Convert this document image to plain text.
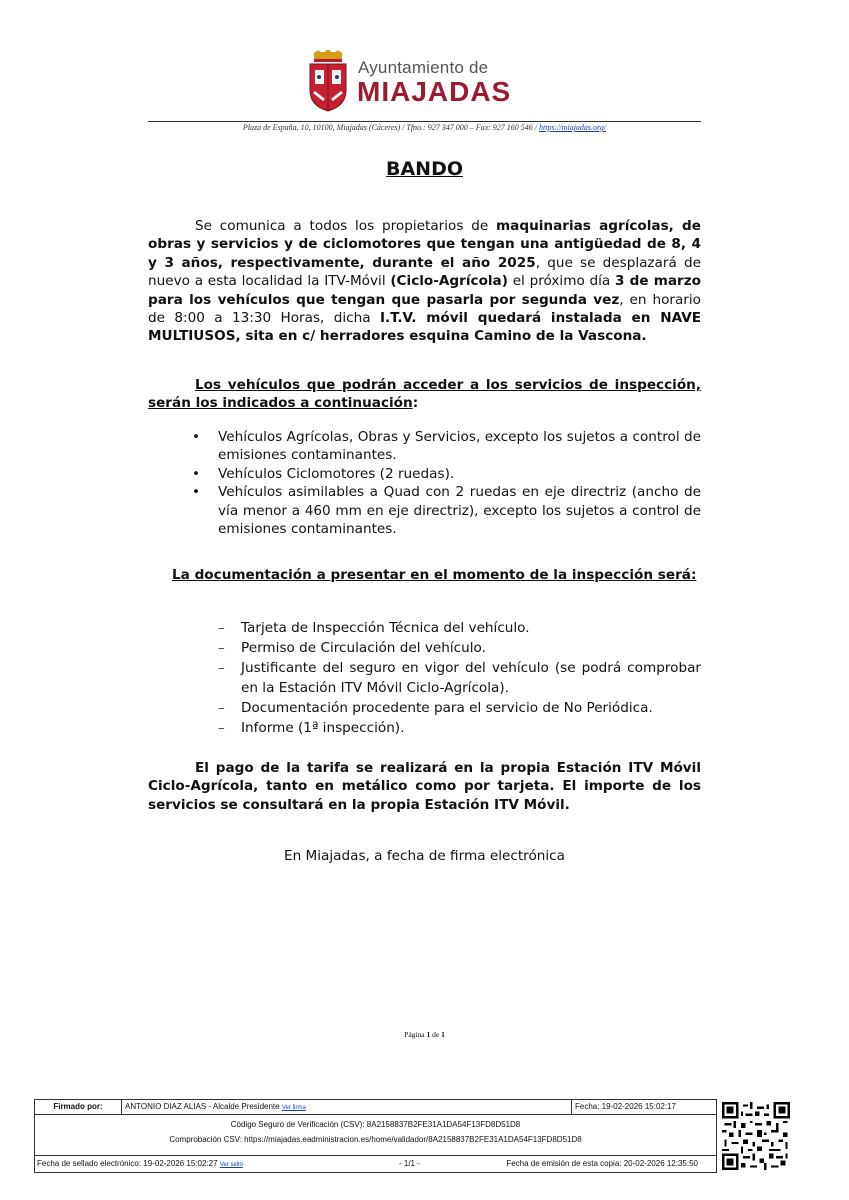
Ayuntamiento de
MIAJADAS
Plaza de España, 10, 10100, Miajadas (Cáceres) / Tfno.: 927 347 000 – Fax: 927 160 546 / https://miajadas.org/
BANDO
Se comunica a todos los propietarios de maquinarias agrícolas, de obras y servicios y de ciclomotores que tengan una antigüedad de 8, 4 y 3 años, respectivamente, durante el año 2025, que se desplazará de nuevo a esta localidad la ITV-Móvil (Ciclo-Agrícola) el próximo día 3 de marzo para los vehículos que tengan que pasarla por segunda vez, en horario de 8:00 a 13:30 Horas, dicha I.T.V. móvil quedará instalada en NAVE MULTIUSOS, sita en c/ herradores esquina Camino de la Vascona.
Los vehículos que podrán acceder a los servicios de inspección, serán los indicados a continuación:
• Vehículos Agrícolas, Obras y Servicios, excepto los sujetos a control de emisiones contaminantes.
• Vehículos Ciclomotores (2 ruedas).
• Vehículos asimilables a Quad con 2 ruedas en eje directriz (ancho de vía menor a 460 mm en eje directriz), excepto los sujetos a control de emisiones contaminantes.
La documentación a presentar en el momento de la inspección será:
– Tarjeta de Inspección Técnica del vehículo.
– Permiso de Circulación del vehículo.
– Justificante del seguro en vigor del vehículo (se podrá comprobar en la Estación ITV Móvil Ciclo-Agrícola).
– Documentación procedente para el servicio de No Periódica.
– Informe (1ª inspección).
El pago de la tarifa se realizará en la propia Estación ITV Móvil Ciclo-Agrícola, tanto en metálico como por tarjeta. El importe de los servicios se consultará en la propia Estación ITV Móvil.
En Miajadas, a fecha de firma electrónica
Página 1 de 1
Firmado por:	ANTONIO DIAZ ALIAS - Alcalde Presidente Ver firma	Fecha: 19-02-2026 15:02:17
Código Seguro de Verificación (CSV): 8A2158837B2FE31A1DA54F13FD8D51D8
Comprobación CSV: https://miajadas.eadministracion.es/home/validador/8A2158837B2FE31A1DA54F13FD8D51D8
Fecha de sellado electrónico: 19-02-2026 15:02:27 Ver sello	- 1/1 -	Fecha de emisión de esta copia: 20-02-2026 12:35:50
